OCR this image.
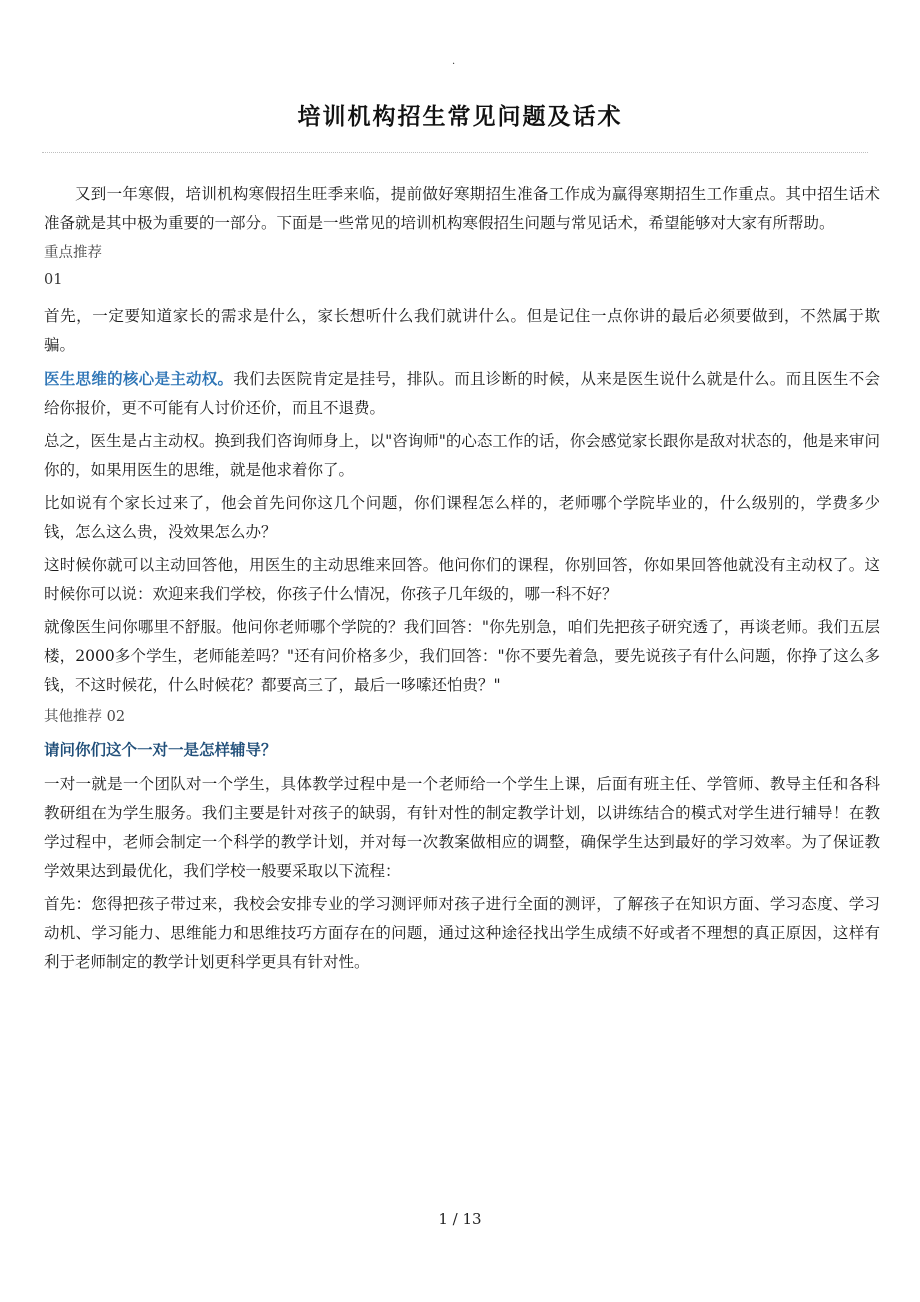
.
培训机构招生常见问题及话术

又到一年寒假，培训机构寒假招生旺季来临，提前做好寒期招生准备工作成为赢得寒期招生工作重点。其中招生话术准备就是其中极为重要的一部分。下面是一些常见的培训机构寒假招生问题与常见话术，希望能够对大家有所帮助。

重点推荐

01

首先，一定要知道家长的需求是什么，家长想听什么我们就讲什么。但是记住一点你讲的最后必须要做到，不然属于欺骗。

医生思维的核心是主动权。我们去医院肯定是挂号，排队。而且诊断的时候，从来是医生说什么就是什么。而且医生不会给你报价，更不可能有人讨价还价，而且不退费。

总之，医生是占主动权。换到我们咨询师身上，以"咨询师"的心态工作的话，你会感觉家长跟你是敌对状态的，他是来审问你的，如果用医生的思维，就是他求着你了。

比如说有个家长过来了，他会首先问你这几个问题，你们课程怎么样的，老师哪个学院毕业的，什么级别的，学费多少钱，怎么这么贵，没效果怎么办？

这时候你就可以主动回答他，用医生的主动思维来回答。他问你们的课程，你别回答，你如果回答他就没有主动权了。这时候你可以说：欢迎来我们学校，你孩子什么情况，你孩子几年级的，哪一科不好？

就像医生问你哪里不舒服。他问你老师哪个学院的？我们回答："你先别急，咱们先把孩子研究透了，再谈老师。我们五层楼，2000多个学生，老师能差吗？"还有问价格多少，我们回答："你不要先着急，要先说孩子有什么问题，你挣了这么多钱，不这时候花，什么时候花？都要高三了，最后一哆嗦还怕贵？"

其他推荐 02

请问你们这个一对一是怎样辅导？

一对一就是一个团队对一个学生，具体教学过程中是一个老师给一个学生上课，后面有班主任、学管师、教导主任和各科教研组在为学生服务。我们主要是针对孩子的缺弱，有针对性的制定教学计划，以讲练结合的模式对学生进行辅导！在教学过程中，老师会制定一个科学的教学计划，并对每一次教案做相应的调整，确保学生达到最好的学习效率。为了保证教学效果达到最优化，我们学校一般要采取以下流程：

首先：您得把孩子带过来，我校会安排专业的学习测评师对孩子进行全面的测评，了解孩子在知识方面、学习态度、学习动机、学习能力、思维能力和思维技巧方面存在的问题，通过这种途径找出学生成绩不好或者不理想的真正原因，这样有利于老师制定的教学计划更科学更具有针对性。

1 / 13
